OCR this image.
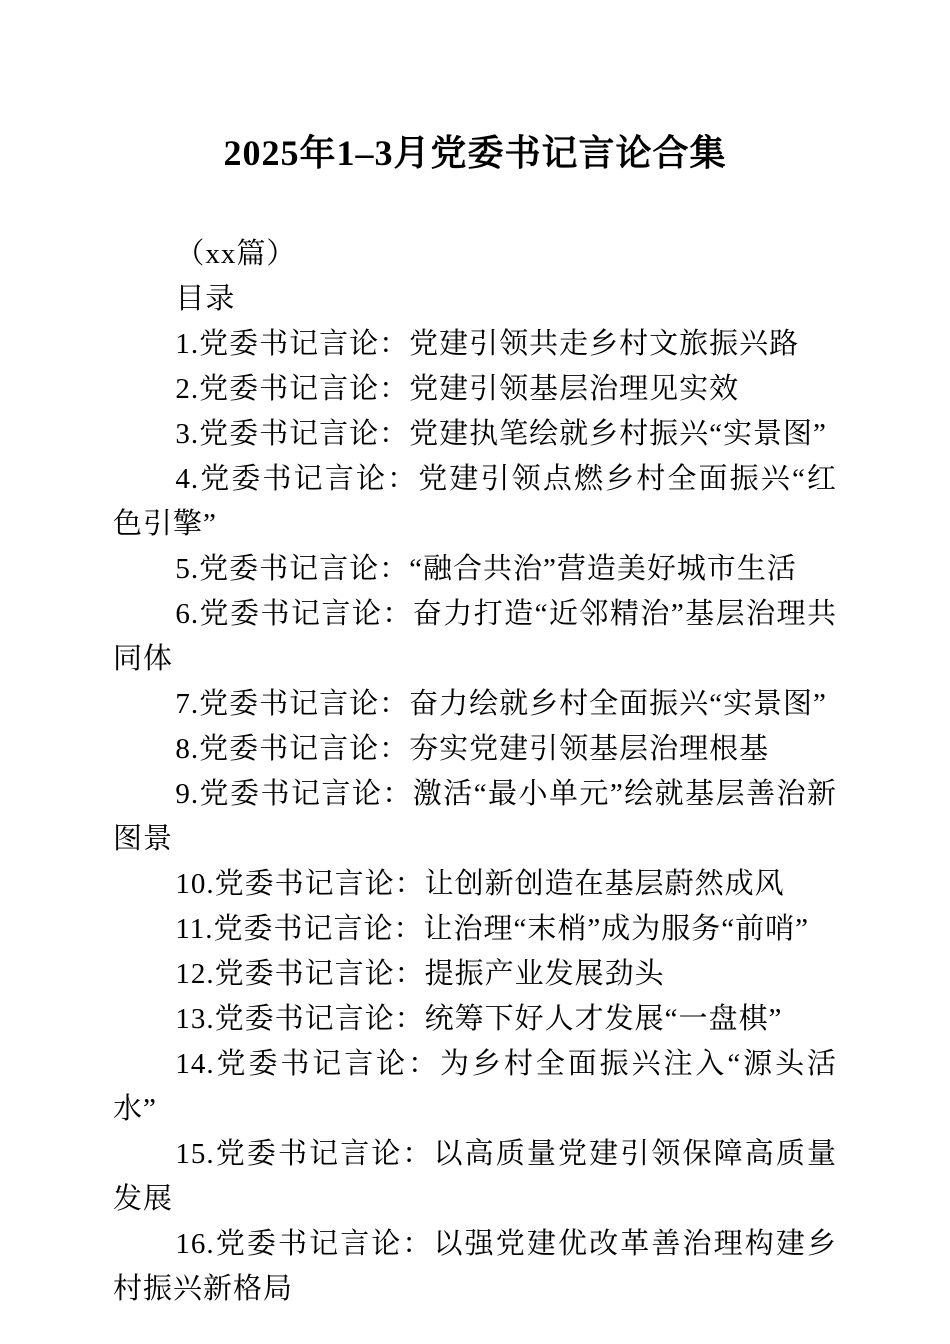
2025年1–3月党委书记言论合集

（xx篇）

目录

1.党委书记言论：党建引领共走乡村文旅振兴路

2.党委书记言论：党建引领基层治理见实效

3.党委书记言论：党建执笔绘就乡村振兴“实景图”

4.党委书记言论：党建引领点燃乡村全面振兴“红色引擎”

5.党委书记言论：“融合共治”营造美好城市生活

6.党委书记言论：奋力打造“近邻精治”基层治理共同体

7.党委书记言论：奋力绘就乡村全面振兴“实景图”

8.党委书记言论：夯实党建引领基层治理根基

9.党委书记言论：激活“最小单元”绘就基层善治新图景

10.党委书记言论：让创新创造在基层蔚然成风

11.党委书记言论：让治理“末梢”成为服务“前哨”

12.党委书记言论：提振产业发展劲头

13.党委书记言论：统筹下好人才发展“一盘棋”

14.党委书记言论：为乡村全面振兴注入“源头活水”

15.党委书记言论：以高质量党建引领保障高质量发展

16.党委书记言论：以强党建优改革善治理构建乡村振兴新格局
